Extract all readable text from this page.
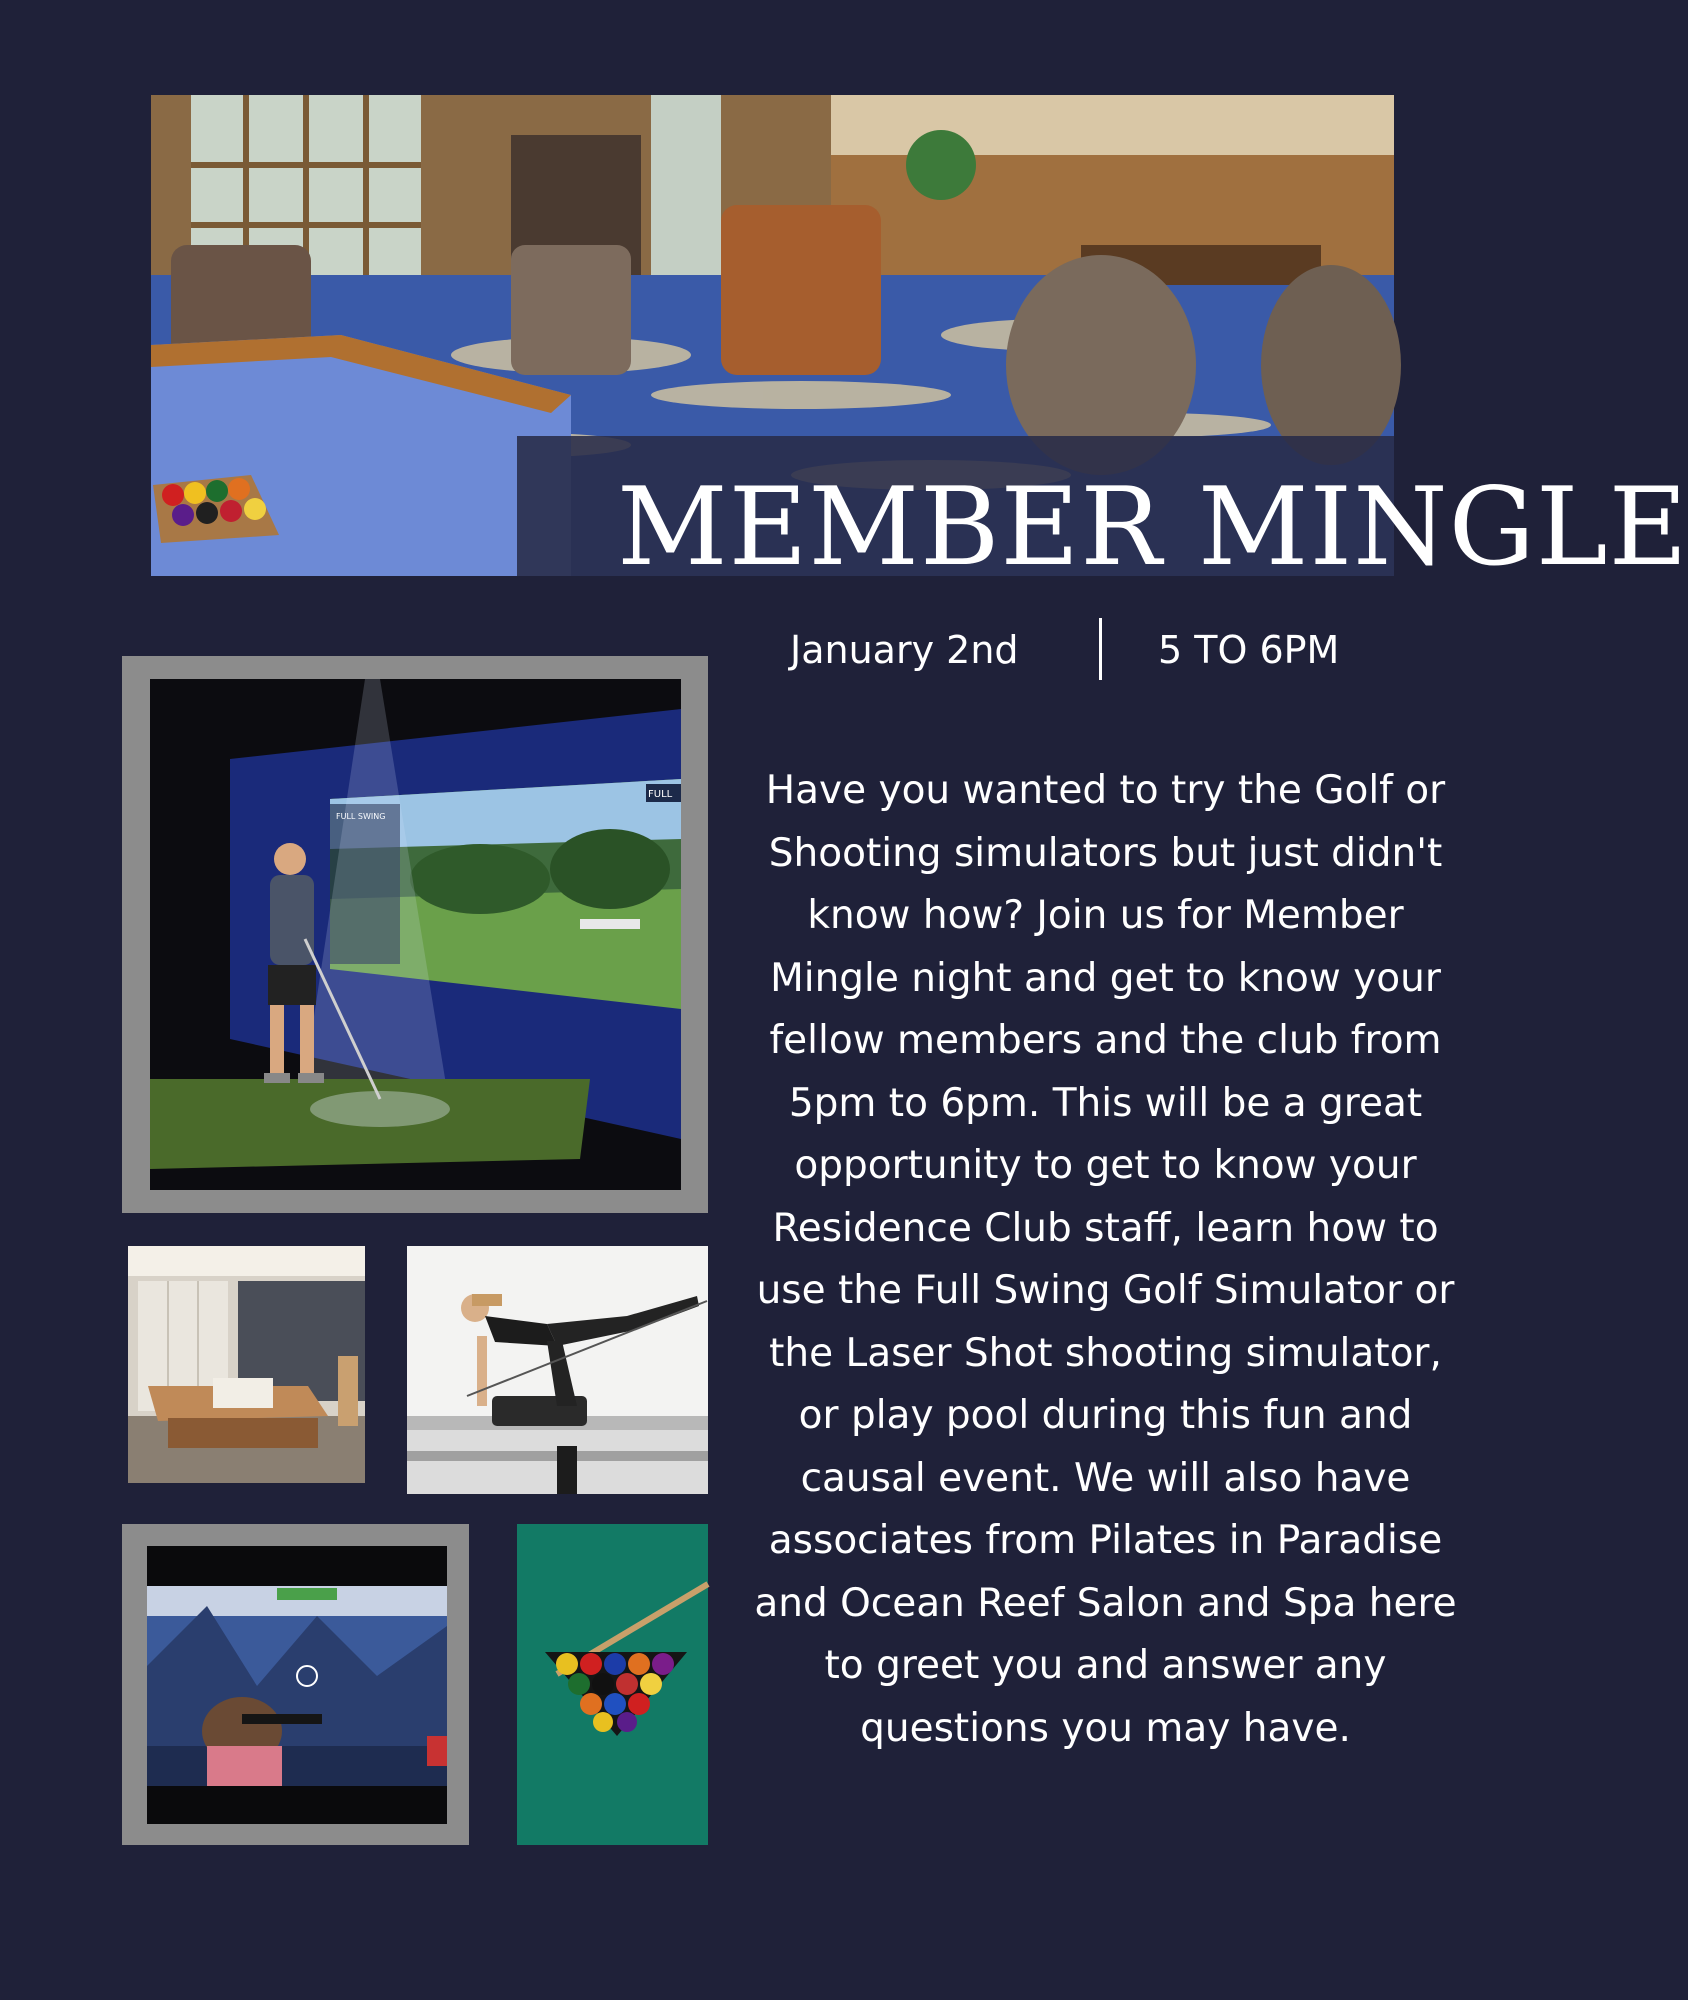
MEMBER MINGLE
January 2nd	5 TO 6PM
Have you wanted to try the Golf or Shooting simulators but just didn't know how? Join us for Member Mingle night and get to know your fellow members and the club from 5pm to 6pm. This will be a great opportunity to get to know your Residence Club staff, learn how to use the Full Swing Golf Simulator or the Laser Shot shooting simulator, or play pool during this fun and causal event. We will also have associates from Pilates in Paradise and Ocean Reef Salon and Spa here to greet you and answer any questions you may have.
FULL SWING
FULL
